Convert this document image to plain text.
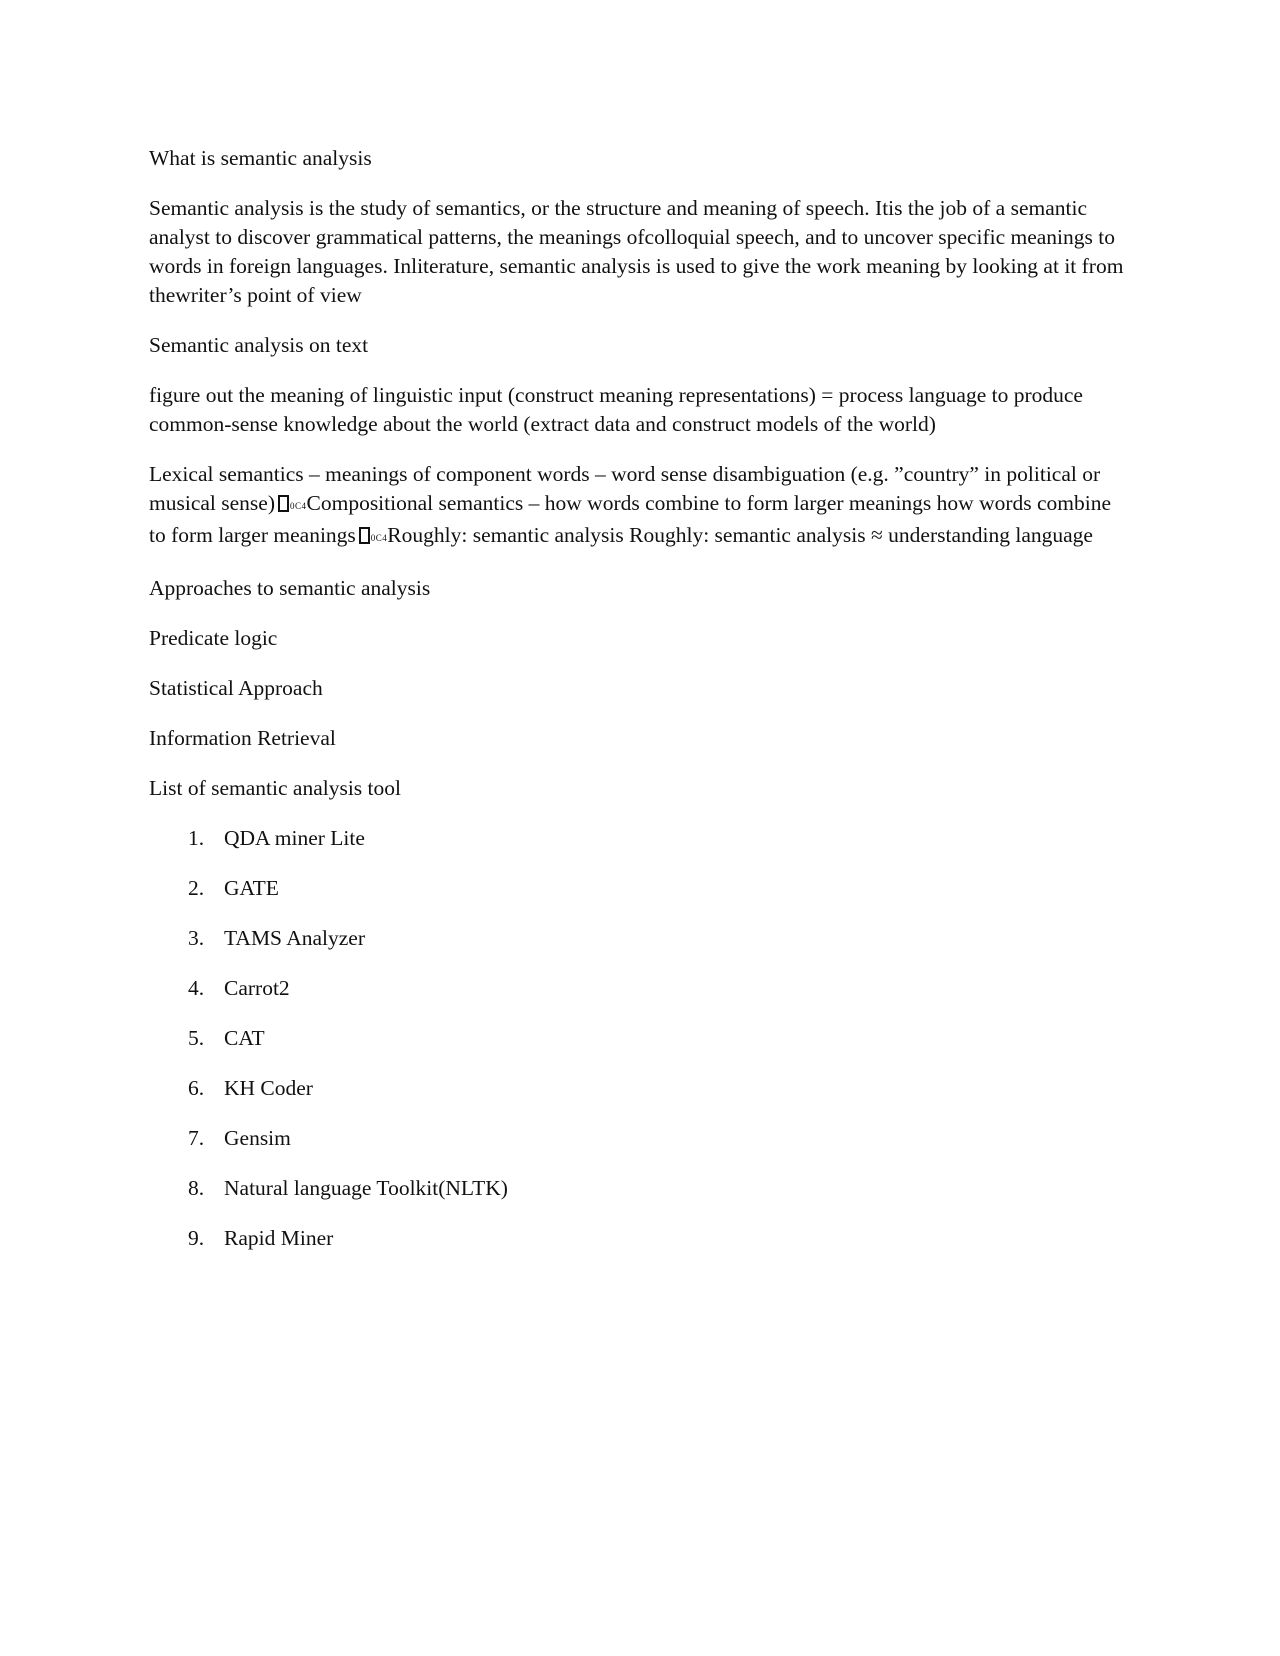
What is semantic analysis

Semantic analysis is the study of semantics, or the structure and meaning of speech. Itis the job of a semantic analyst to discover grammatical patterns, the meanings ofcolloquial speech, and to uncover specific meanings to words in foreign languages. Inliterature, semantic analysis is used to give the work meaning by looking at it from thewriter’s point of view

Semantic analysis on text

figure out the meaning of linguistic input (construct meaning representations) = process language to produce common-sense knowledge about the world (extract data and construct models of the world)

Lexical semantics – meanings of component words – word sense disambiguation (e.g. ”country” in political or musical sense) 0C4Compositional semantics – how words combine to form larger meanings how words combine to form larger meanings 0C4Roughly: semantic analysis Roughly: semantic analysis ≈ understanding language

Approaches to semantic analysis

Predicate logic

Statistical Approach

Information Retrieval

List of semantic analysis tool

1. QDA miner Lite
2. GATE
3. TAMS Analyzer
4. Carrot2
5. CAT
6. KH Coder
7. Gensim
8. Natural language Toolkit(NLTK)
9. Rapid Miner
